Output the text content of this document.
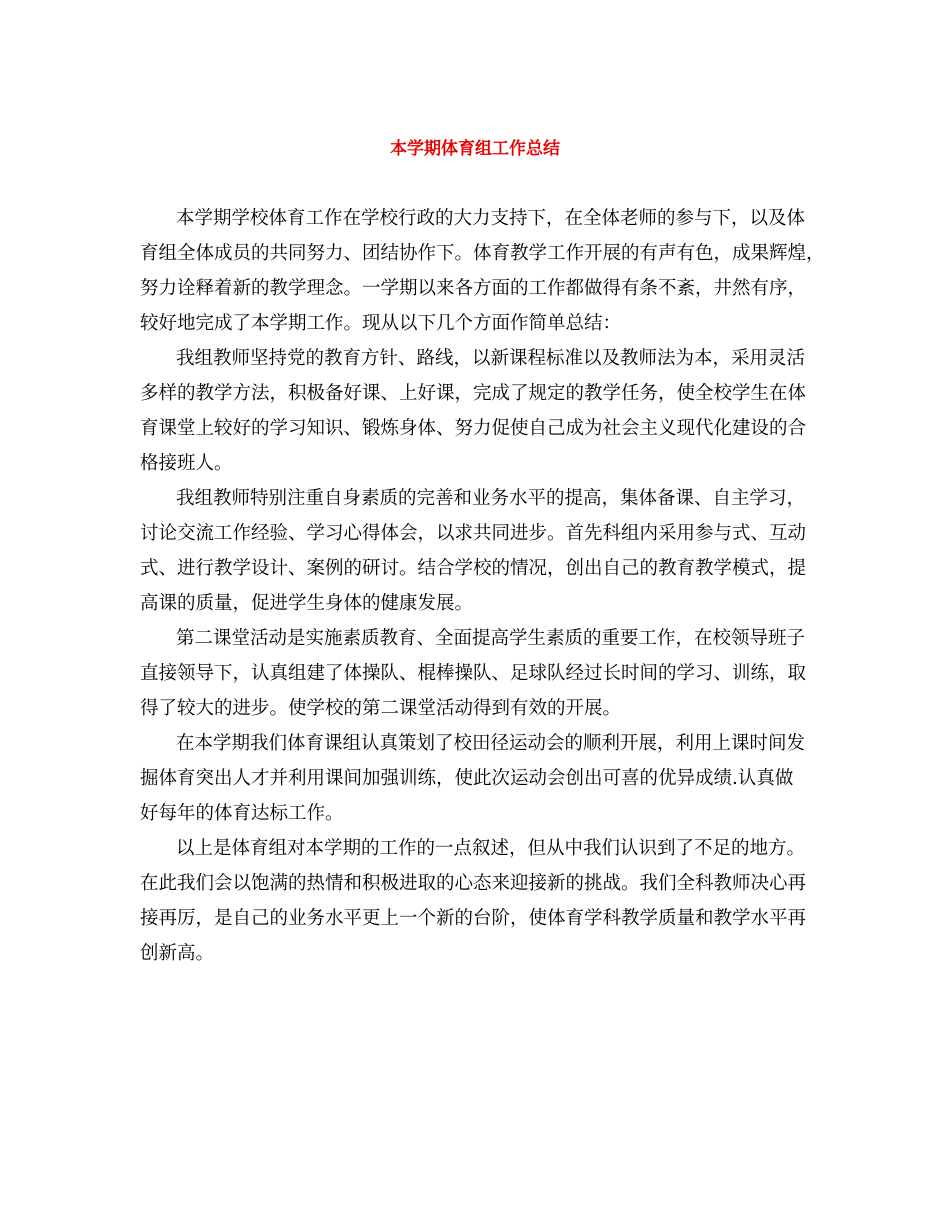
本学期体育组工作总结
本学期学校体育工作在学校行政的大力支持下，在全体老师的参与下，以及体
育组全体成员的共同努力、团结协作下。体育教学工作开展的有声有色，成果辉煌，
努力诠释着新的教学理念。一学期以来各方面的工作都做得有条不紊，井然有序，
较好地完成了本学期工作。现从以下几个方面作简单总结：
我组教师坚持党的教育方针、路线，以新课程标准以及教师法为本，采用灵活
多样的教学方法，积极备好课、上好课，完成了规定的教学任务，使全校学生在体
育课堂上较好的学习知识、锻炼身体、努力促使自己成为社会主义现代化建设的合
格接班人。
我组教师特别注重自身素质的完善和业务水平的提高，集体备课、自主学习，
讨论交流工作经验、学习心得体会，以求共同进步。首先科组内采用参与式、互动
式、进行教学设计、案例的研讨。结合学校的情况，创出自己的教育教学模式，提
高课的质量，促进学生身体的健康发展。
第二课堂活动是实施素质教育、全面提高学生素质的重要工作，在校领导班子
直接领导下，认真组建了体操队、棍棒操队、足球队经过长时间的学习、训练，取
得了较大的进步。使学校的第二课堂活动得到有效的开展。
在本学期我们体育课组认真策划了校田径运动会的顺利开展，利用上课时间发
掘体育突出人才并利用课间加强训练，使此次运动会创出可喜的优异成绩.认真做
好每年的体育达标工作。
以上是体育组对本学期的工作的一点叙述，但从中我们认识到了不足的地方。
在此我们会以饱满的热情和积极进取的心态来迎接新的挑战。我们全科教师决心再
接再厉，是自己的业务水平更上一个新的台阶，使体育学科教学质量和教学水平再
创新高。
